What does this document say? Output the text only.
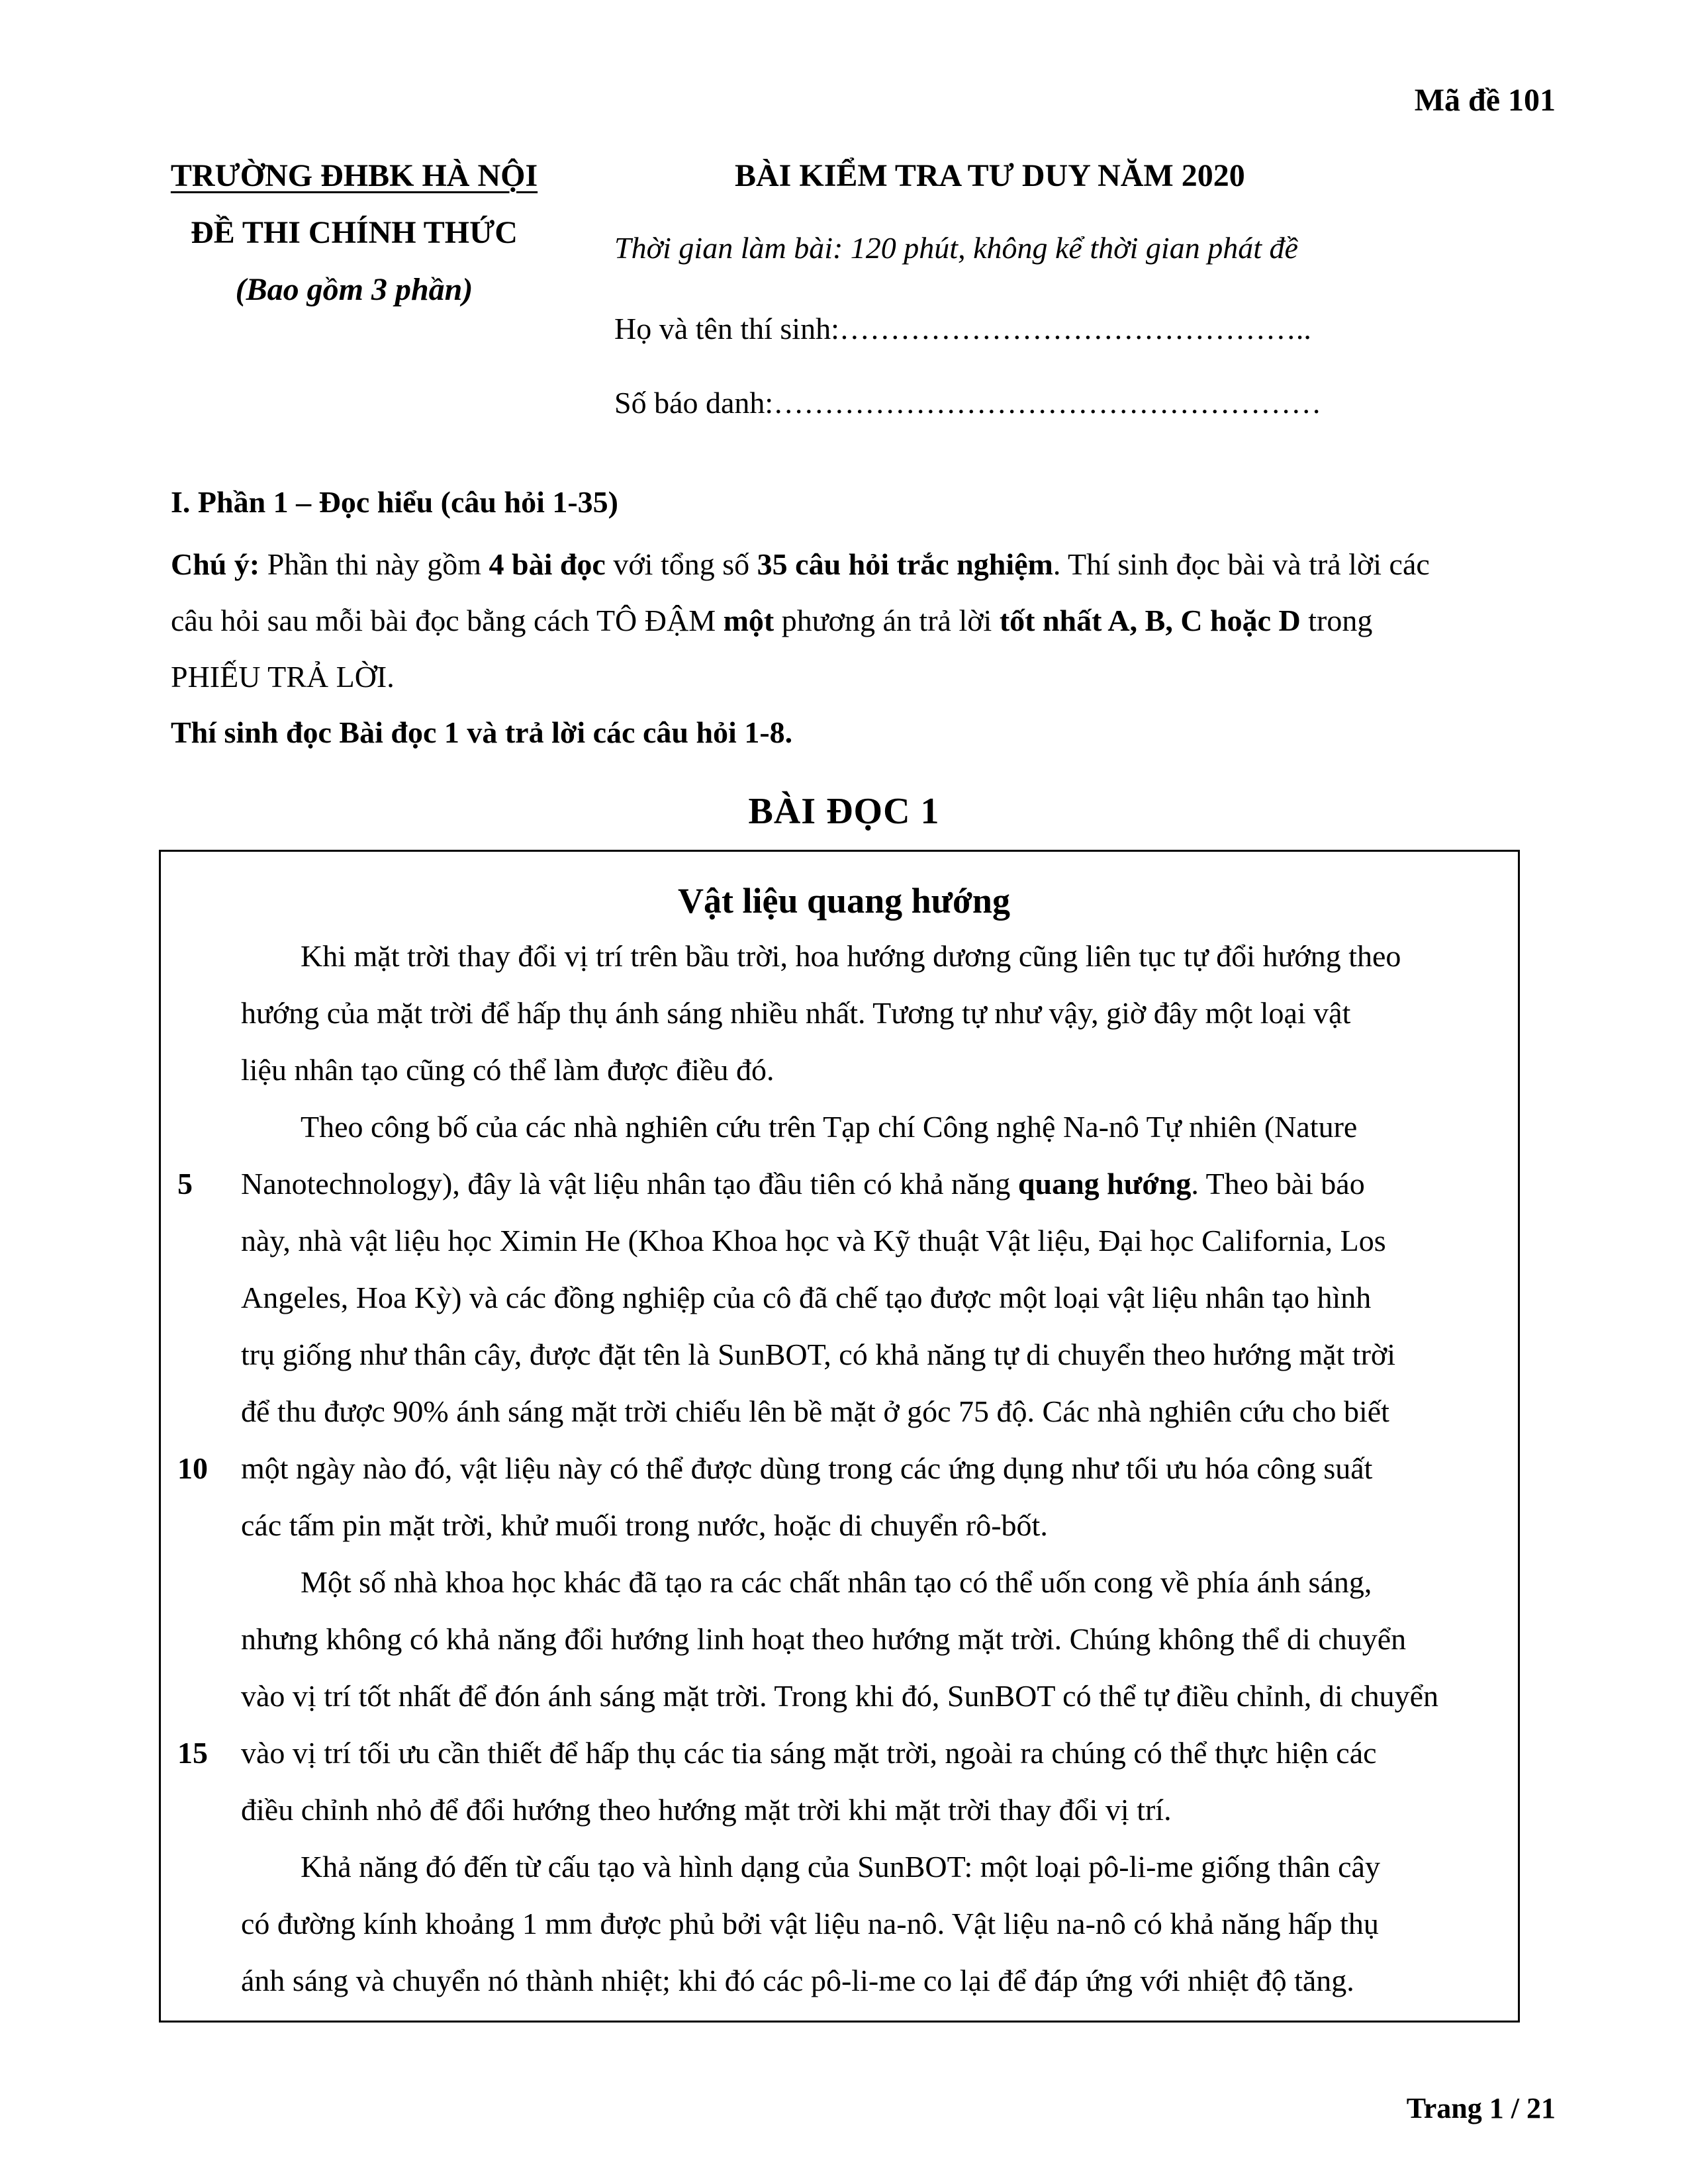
Mã đề 101
TRƯỜNG ĐHBK HÀ NỘI
ĐỀ THI CHÍNH THỨC
(Bao gồm 3 phần)
BÀI KIỂM TRA TƯ DUY NĂM 2020
Thời gian làm bài: 120 phút, không kể thời gian phát đề
Họ và tên thí sinh:………………………………………..
Số báo danh:………………………………………………
I. Phần 1 – Đọc hiểu (câu hỏi 1-35)
Chú ý: Phần thi này gồm 4 bài đọc với tổng số 35 câu hỏi trắc nghiệm. Thí sinh đọc bài và trả lời các
câu hỏi sau mỗi bài đọc bằng cách TÔ ĐẬM một phương án trả lời tốt nhất A, B, C hoặc D trong
PHIẾU TRẢ LỜI.
Thí sinh đọc Bài đọc 1 và trả lời các câu hỏi 1-8.
BÀI ĐỌC 1
Vật liệu quang hướng
Khi mặt trời thay đổi vị trí trên bầu trời, hoa hướng dương cũng liên tục tự đổi hướng theo
hướng của mặt trời để hấp thụ ánh sáng nhiều nhất. Tương tự như vậy, giờ đây một loại vật
liệu nhân tạo cũng có thể làm được điều đó.
Theo công bố của các nhà nghiên cứu trên Tạp chí Công nghệ Na-nô Tự nhiên (Nature
Nanotechnology), đây là vật liệu nhân tạo đầu tiên có khả năng quang hướng. Theo bài báo
này, nhà vật liệu học Ximin He (Khoa Khoa học và Kỹ thuật Vật liệu, Đại học California, Los
Angeles, Hoa Kỳ) và các đồng nghiệp của cô đã chế tạo được một loại vật liệu nhân tạo hình
trụ giống như thân cây, được đặt tên là SunBOT, có khả năng tự di chuyển theo hướng mặt trời
để thu được 90% ánh sáng mặt trời chiếu lên bề mặt ở góc 75 độ. Các nhà nghiên cứu cho biết
một ngày nào đó, vật liệu này có thể được dùng trong các ứng dụng như tối ưu hóa công suất
các tấm pin mặt trời, khử muối trong nước, hoặc di chuyển rô-bốt.
Một số nhà khoa học khác đã tạo ra các chất nhân tạo có thể uốn cong về phía ánh sáng,
nhưng không có khả năng đổi hướng linh hoạt theo hướng mặt trời. Chúng không thể di chuyển
vào vị trí tốt nhất để đón ánh sáng mặt trời. Trong khi đó, SunBOT có thể tự điều chỉnh, di chuyển
vào vị trí tối ưu cần thiết để hấp thụ các tia sáng mặt trời, ngoài ra chúng có thể thực hiện các
điều chỉnh nhỏ để đổi hướng theo hướng mặt trời khi mặt trời thay đổi vị trí.
Khả năng đó đến từ cấu tạo và hình dạng của SunBOT: một loại pô-li-me giống thân cây
có đường kính khoảng 1 mm được phủ bởi vật liệu na-nô. Vật liệu na-nô có khả năng hấp thụ
ánh sáng và chuyển nó thành nhiệt; khi đó các pô-li-me co lại để đáp ứng với nhiệt độ tăng.
5
10
15
Trang 1 / 21
